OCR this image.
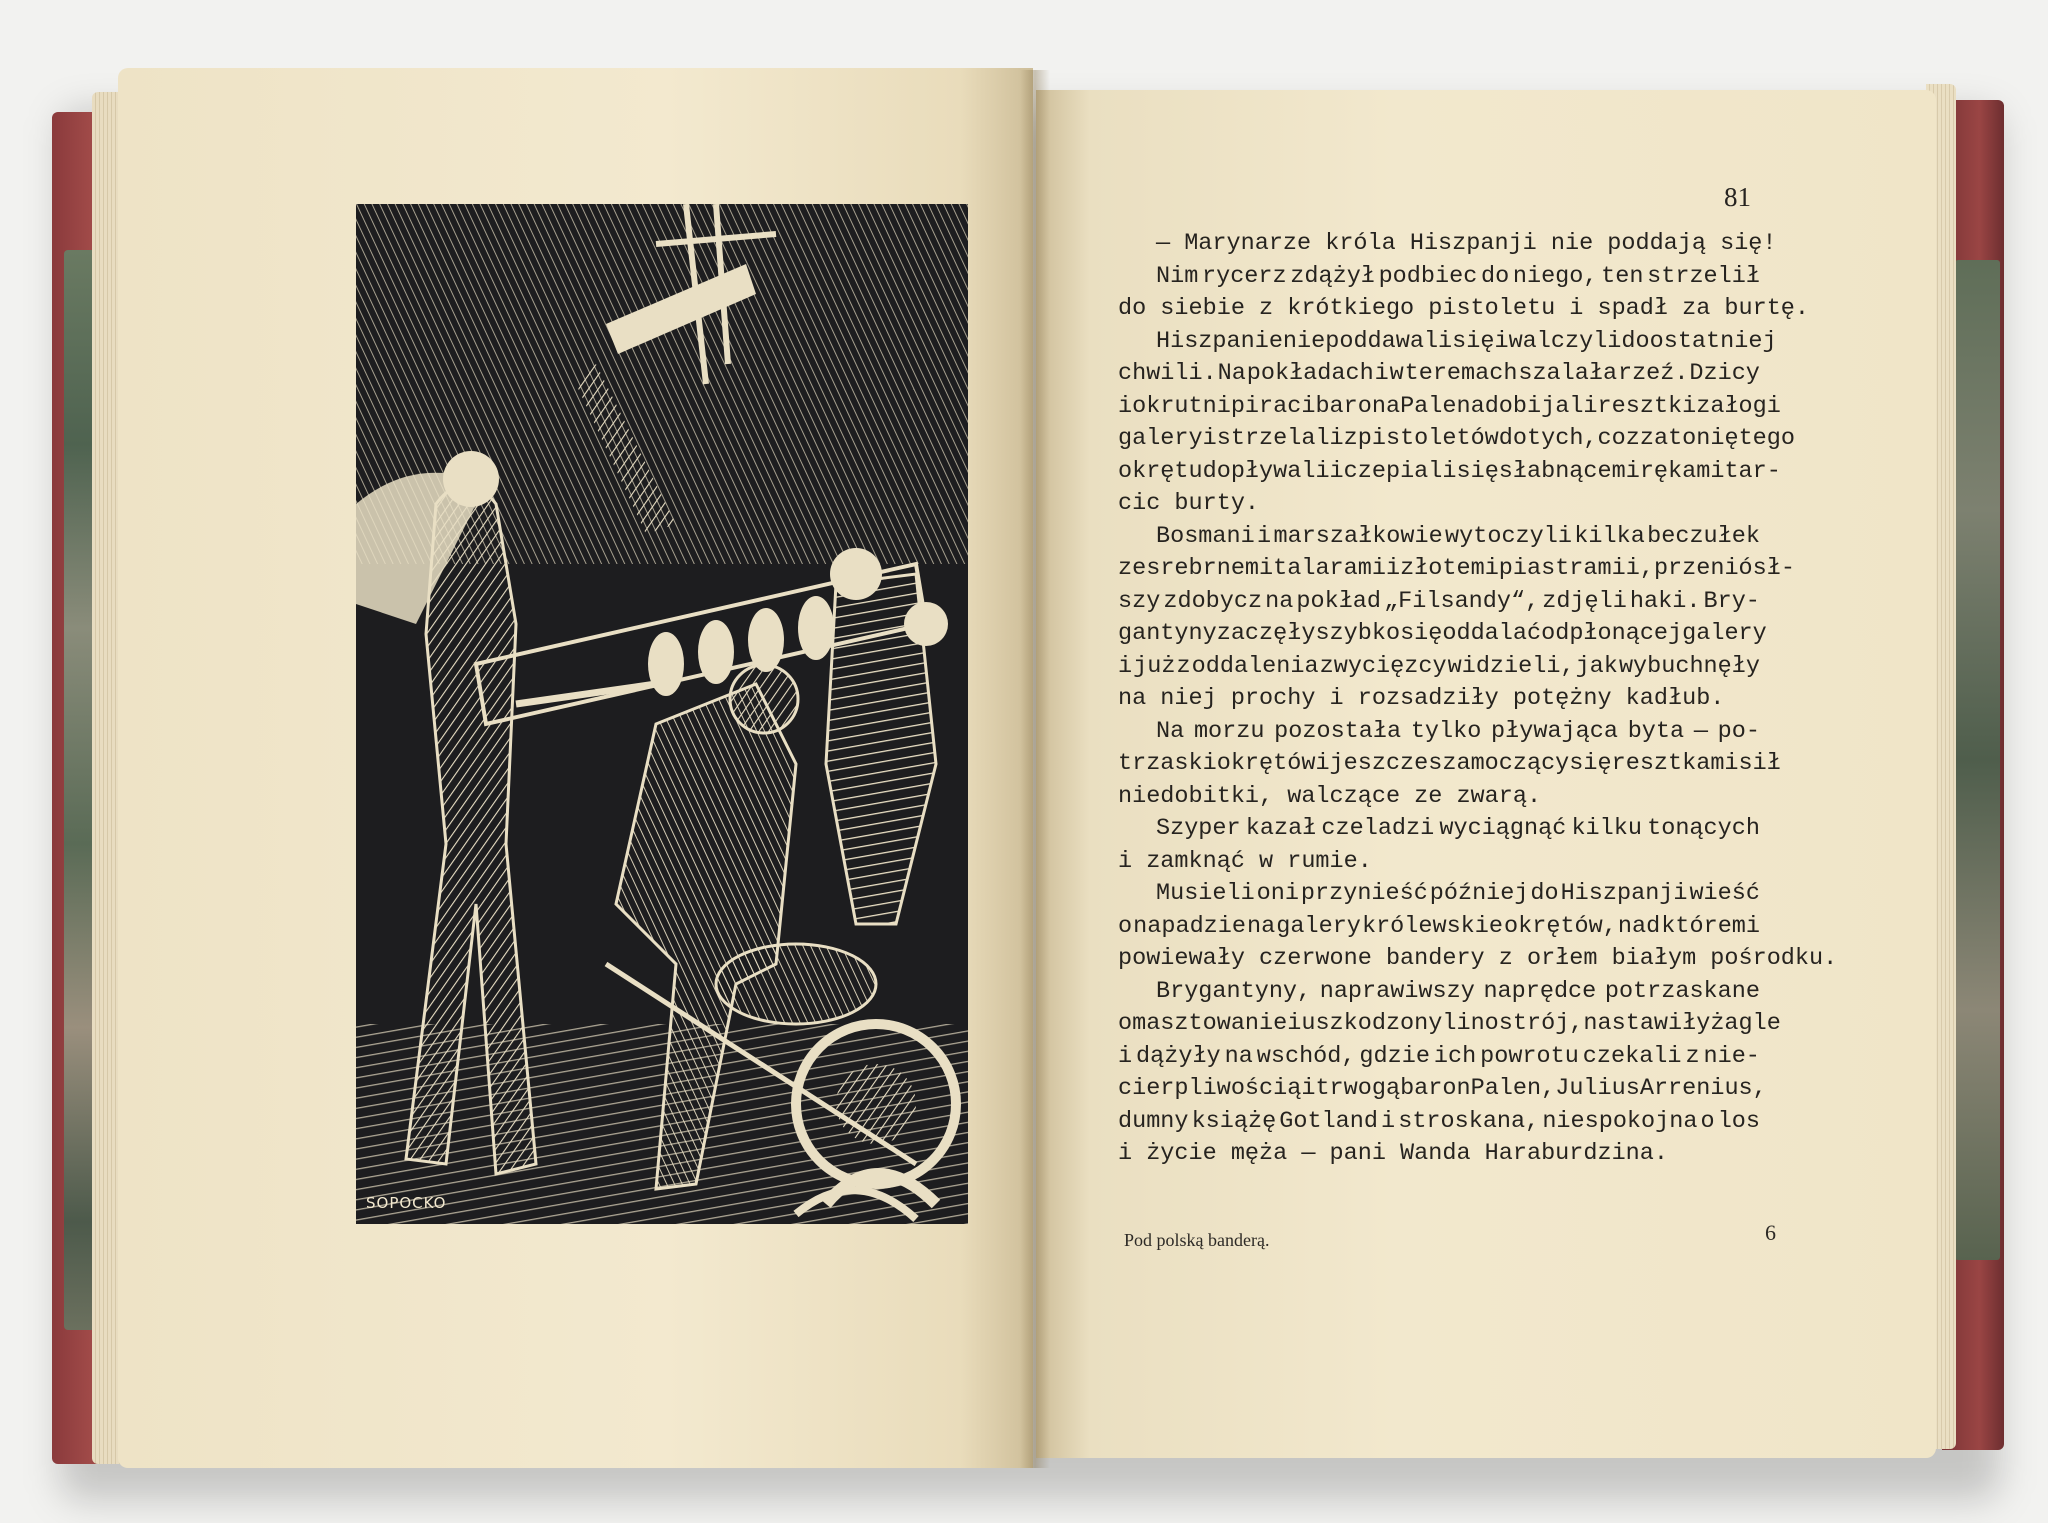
SOPOCKO
81
— Marynarze króla Hiszpanji nie poddają się!
Nim rycerz zdążył podbiec do niego, ten strzelił
do siebie z krótkiego pistoletu i spadł za burtę.
Hiszpanie nie poddawali się i walczyli do ostatniej
chwili. Na pokładach i w teremach szalała rzeź. Dzicy
i okrutni piraci barona Palena dobijali resztki załogi
galery i strzelali z pistoletów do tych, co z zatoniętego
okrętu dopływali i czepiali się słabnącemi rękami tar-
cic burty.
Bosmani i marszałkowie wytoczyli kilka beczułek
ze srebrnemi talarami i złotemi piastrami i, przeniósł-
szy zdobycz na pokład „Filsandy“, zdjęli haki. Bry-
gantyny zaczęły szybko się oddalać od płonącej galery
i już z oddalenia zwycięzcy widzieli, jak wybuchnęły
na niej prochy i rozsadziły potężny kadłub.
Na morzu pozostała tylko pływająca byta — po-
trzaski okrętów i jeszcze szamoczący się resztkami sił
niedobitki, walczące ze zwarą.
Szyper kazał czeladzi wyciągnąć kilku tonących
i zamknąć w rumie.
Musieli oni przynieść później do Hiszpanji wieść
o napadzie na galery królewskie okrętów, nad któremi
powiewały czerwone bandery z orłem białym pośrodku.
Brygantyny, naprawiwszy naprędce potrzaskane
omasztowanie i uszkodzony linostrój, nastawiły żagle
i dążyły na wschód, gdzie ich powrotu czekali z nie-
cierpliwością i trwogą baron Palen, Julius Arrenius,
dumny książę Gotland i stroskana, niespokojna o los
i życie męża — pani Wanda Haraburdzina.
Pod polską banderą.	6
